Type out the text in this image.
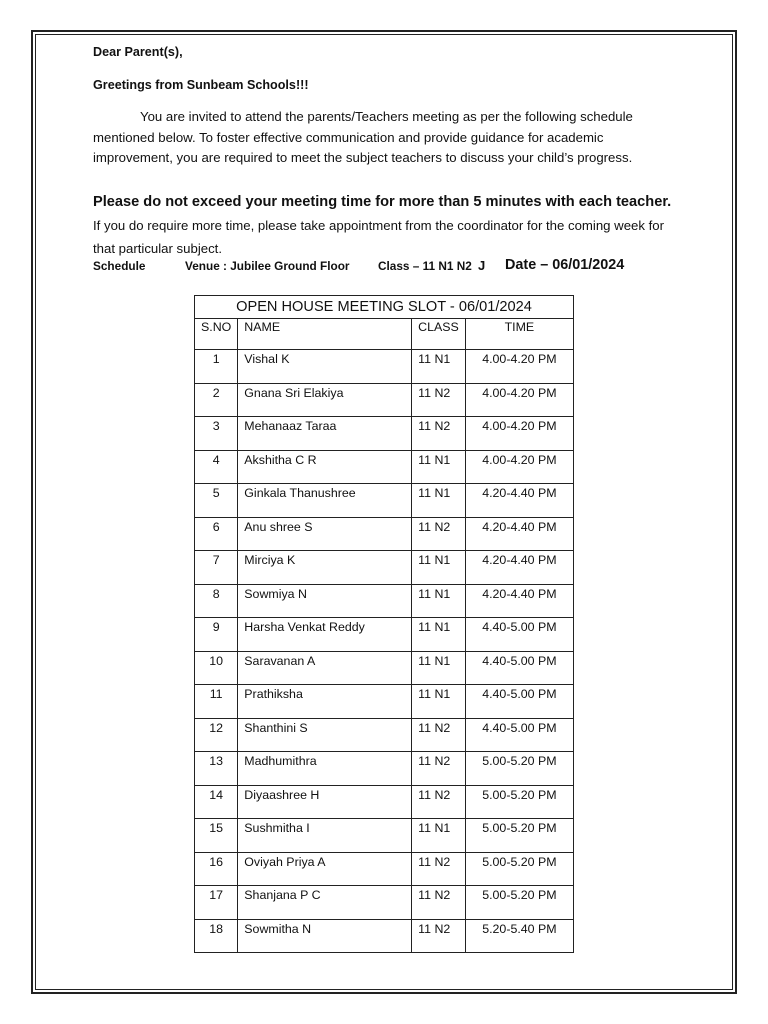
Dear Parent(s),
Greetings from Sunbeam Schools!!!
You are invited to attend the parents/Teachers meeting as per the following schedule mentioned below. To foster effective communication and provide guidance for academic improvement, you are required to meet the subject teachers to discuss your child’s progress.
Please do not exceed your meeting time for more than 5 minutes with each teacher. If you do require more time, please take appointment from the coordinator for the coming week for that particular subject.
Schedule	Venue : Jubilee Ground Floor Class – 11 N1 N2 J Date – 06/01/2024
OPEN HOUSE MEETING SLOT - 06/01/2024			
S.NO	NAME	CLASS	TIME
1	Vishal K	11 N1	4.00-4.20 PM
2	Gnana Sri Elakiya	11 N2	4.00-4.20 PM
3	Mehanaaz Taraa	11 N2	4.00-4.20 PM
4	Akshitha C R	11 N1	4.00-4.20 PM
5	Ginkala Thanushree	11 N1	4.20-4.40 PM
6	Anu shree S	11 N2	4.20-4.40 PM
7	Mirciya K	11 N1	4.20-4.40 PM
8	Sowmiya N	11 N1	4.20-4.40 PM
9	Harsha Venkat Reddy	11 N1	4.40-5.00 PM
10	Saravanan A	11 N1	4.40-5.00 PM
11	Prathiksha	11 N1	4.40-5.00 PM
12	Shanthini S	11 N2	4.40-5.00 PM
13	Madhumithra	11 N2	5.00-5.20 PM
14	Diyaashree H	11 N2	5.00-5.20 PM
15	Sushmitha I	11 N1	5.00-5.20 PM
16	Oviyah Priya A	11 N2	5.00-5.20 PM
17	Shanjana P C	11 N2	5.00-5.20 PM
18	Sowmitha N	11 N2	5.20-5.40 PM
